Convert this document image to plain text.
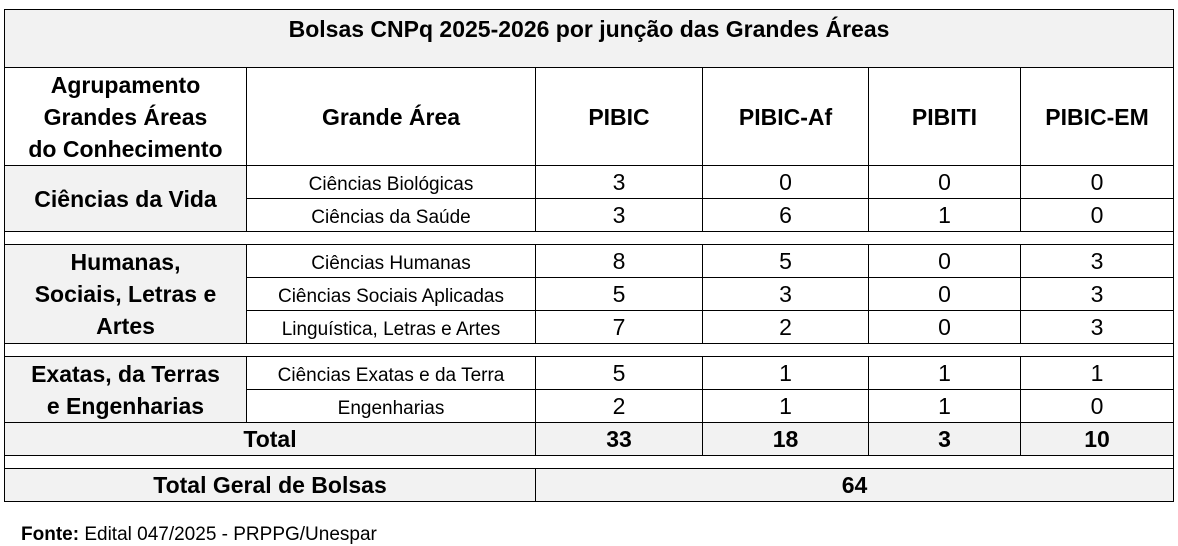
Bolsas CNPq 2025-2026 por junção das Grandes Áreas					

Agrupamento
Grandes Áreas
do Conhecimento	Grande Área	PIBIC	PIBIC-Af	PIBITI	PIBIC-EM

Ciências da Vida	Ciências Biológicas	3	0	0	0
	Ciências da Saúde	3	6	1	0

Humanas,
Sociais, Letras e
Artes	Ciências Humanas	8	5	0	3
	Ciências Sociais Aplicadas	5	3	0	3
	Linguística, Letras e Artes	7	2	0	3

Exatas, da Terras
e Engenharias	Ciências Exatas e da Terra	5	1	1	1
	Engenharias	2	1	1	0
Total		33	18	3	10

Total Geral de Bolsas		64			
Fonte: Edital 047/2025 - PRPPG/Unespar
